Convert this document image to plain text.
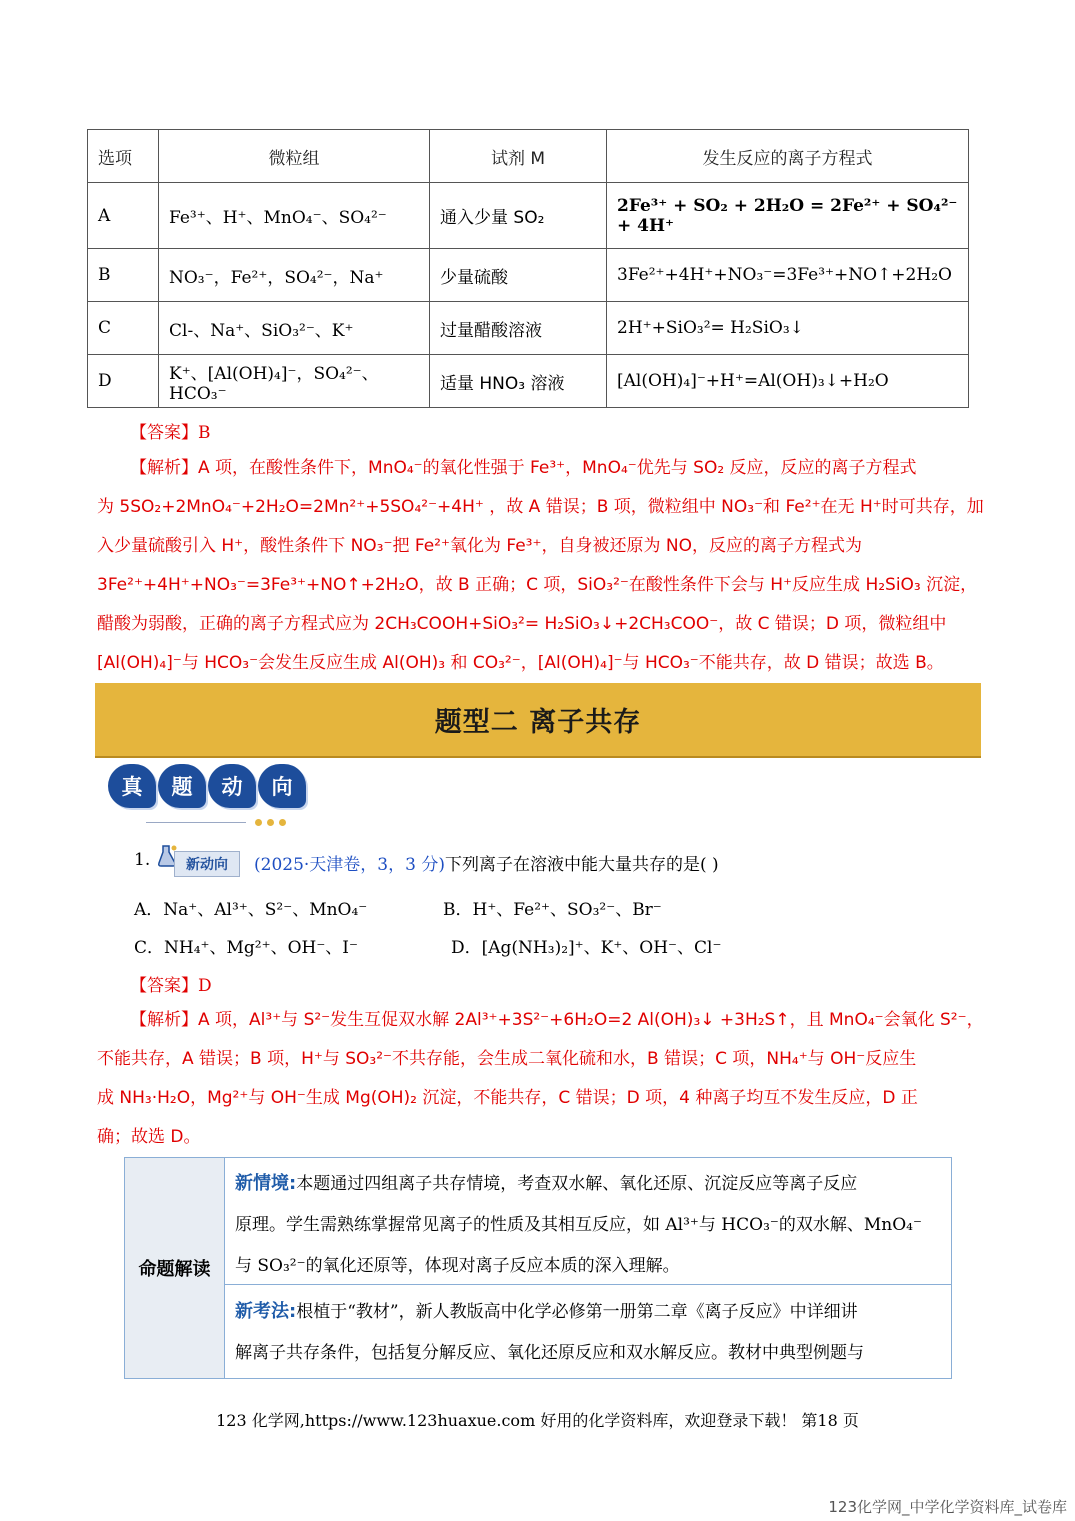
选项	微粒组	试剂 M	发生反应的离子方程式
A	Fe³⁺、H⁺、MnO₄⁻、SO₄²⁻	通入少量 SO₂	2Fe³⁺ + SO₂ + 2H₂O = 2Fe²⁺ + SO₄²⁻ + 4H⁺
B	NO₃⁻，Fe²⁺，SO₄²⁻，Na⁺	少量硫酸	3Fe²⁺+4H⁺+NO₃⁻=3Fe³⁺+NO↑+2H₂O
C	Cl-、Na⁺、SiO₃²⁻、K⁺	过量醋酸溶液	2H⁺+SiO₃²= H₂SiO₃↓
D	K⁺、[Al(OH)₄]⁻，SO₄²⁻、HCO₃⁻	适量 HNO₃ 溶液	[Al(OH)₄]⁻+H⁺=Al(OH)₃↓+H₂O
【答案】B

【解析】A 项，在酸性条件下，MnO₄⁻的氧化性强于 Fe³⁺，MnO₄⁻优先与 SO₂ 反应，反应的离子方程式

为 5SO₂+2MnO₄⁻+2H₂O=2Mn²⁺+5SO₄²⁻+4H⁺ ，故 A 错误；B 项，微粒组中 NO₃⁻和 Fe²⁺在无 H⁺时可共存，加

入少量硫酸引入 H⁺，酸性条件下 NO₃⁻把 Fe²⁺氧化为 Fe³⁺，自身被还原为 NO，反应的离子方程式为

3Fe²⁺+4H⁺+NO₃⁻=3Fe³⁺+NO↑+2H₂O，故 B 正确；C 项，SiO₃²⁻在酸性条件下会与 H⁺反应生成 H₂SiO₃ 沉淀，

醋酸为弱酸，正确的离子方程式应为 2CH₃COOH+SiO₃²= H₂SiO₃↓+2CH₃COO⁻，故 C 错误；D 项，微粒组中

[Al(OH)₄]⁻与 HCO₃⁻会发生反应生成 Al(OH)₃ 和 CO₃²⁻，[Al(OH)₄]⁻与 HCO₃⁻不能共存，故 D 错误；故选 B。

题型二 离子共存
真	题	动	向
1.	新动向	(2025·天津卷，3，3 分)下列离子在溶液中能大量共存的是( )
A．Na⁺、Al³⁺、S²⁻、MnO₄⁻	B．H⁺、Fe²⁺、SO₃²⁻、Br⁻
C．NH₄⁺、Mg²⁺、OH⁻、I⁻	D．[Ag(NH₃)₂]⁺、K⁺、OH⁻、Cl⁻
【答案】D

【解析】A 项，Al³⁺与 S²⁻发生互促双水解 2Al³⁺+3S²⁻+6H₂O=2 Al(OH)₃↓ +3H₂S↑，且 MnO₄⁻会氧化 S²⁻，

不能共存，A 错误；B 项，H⁺与 SO₃²⁻不共存能，会生成二氧化硫和水，B 错误；C 项，NH₄⁺与 OH⁻反应生

成 NH₃·H₂O，Mg²⁺与 OH⁻生成 Mg(OH)₂ 沉淀，不能共存，C 错误；D 项，4 种离子均互不发生反应，D 正

确；故选 D。

命题解读

新情境:本题通过四组离子共存情境，考查双水解、氧化还原、沉淀反应等离子反应

原理。学生需熟练掌握常见离子的性质及其相互反应，如 Al³⁺与 HCO₃⁻的双水解、MnO₄⁻

与 SO₃²⁻的氧化还原等，体现对离子反应本质的深入理解。

新考法:根植于“教材”，新人教版高中化学必修第一册第二章《离子反应》中详细讲

解离子共存条件，包括复分解反应、氧化还原反应和双水解反应。教材中典型例题与

123 化学网,https://www.123huaxue.com 好用的化学资料库，欢迎登录下载！ 第18 页
123化学网_中学化学资料库_试卷库
